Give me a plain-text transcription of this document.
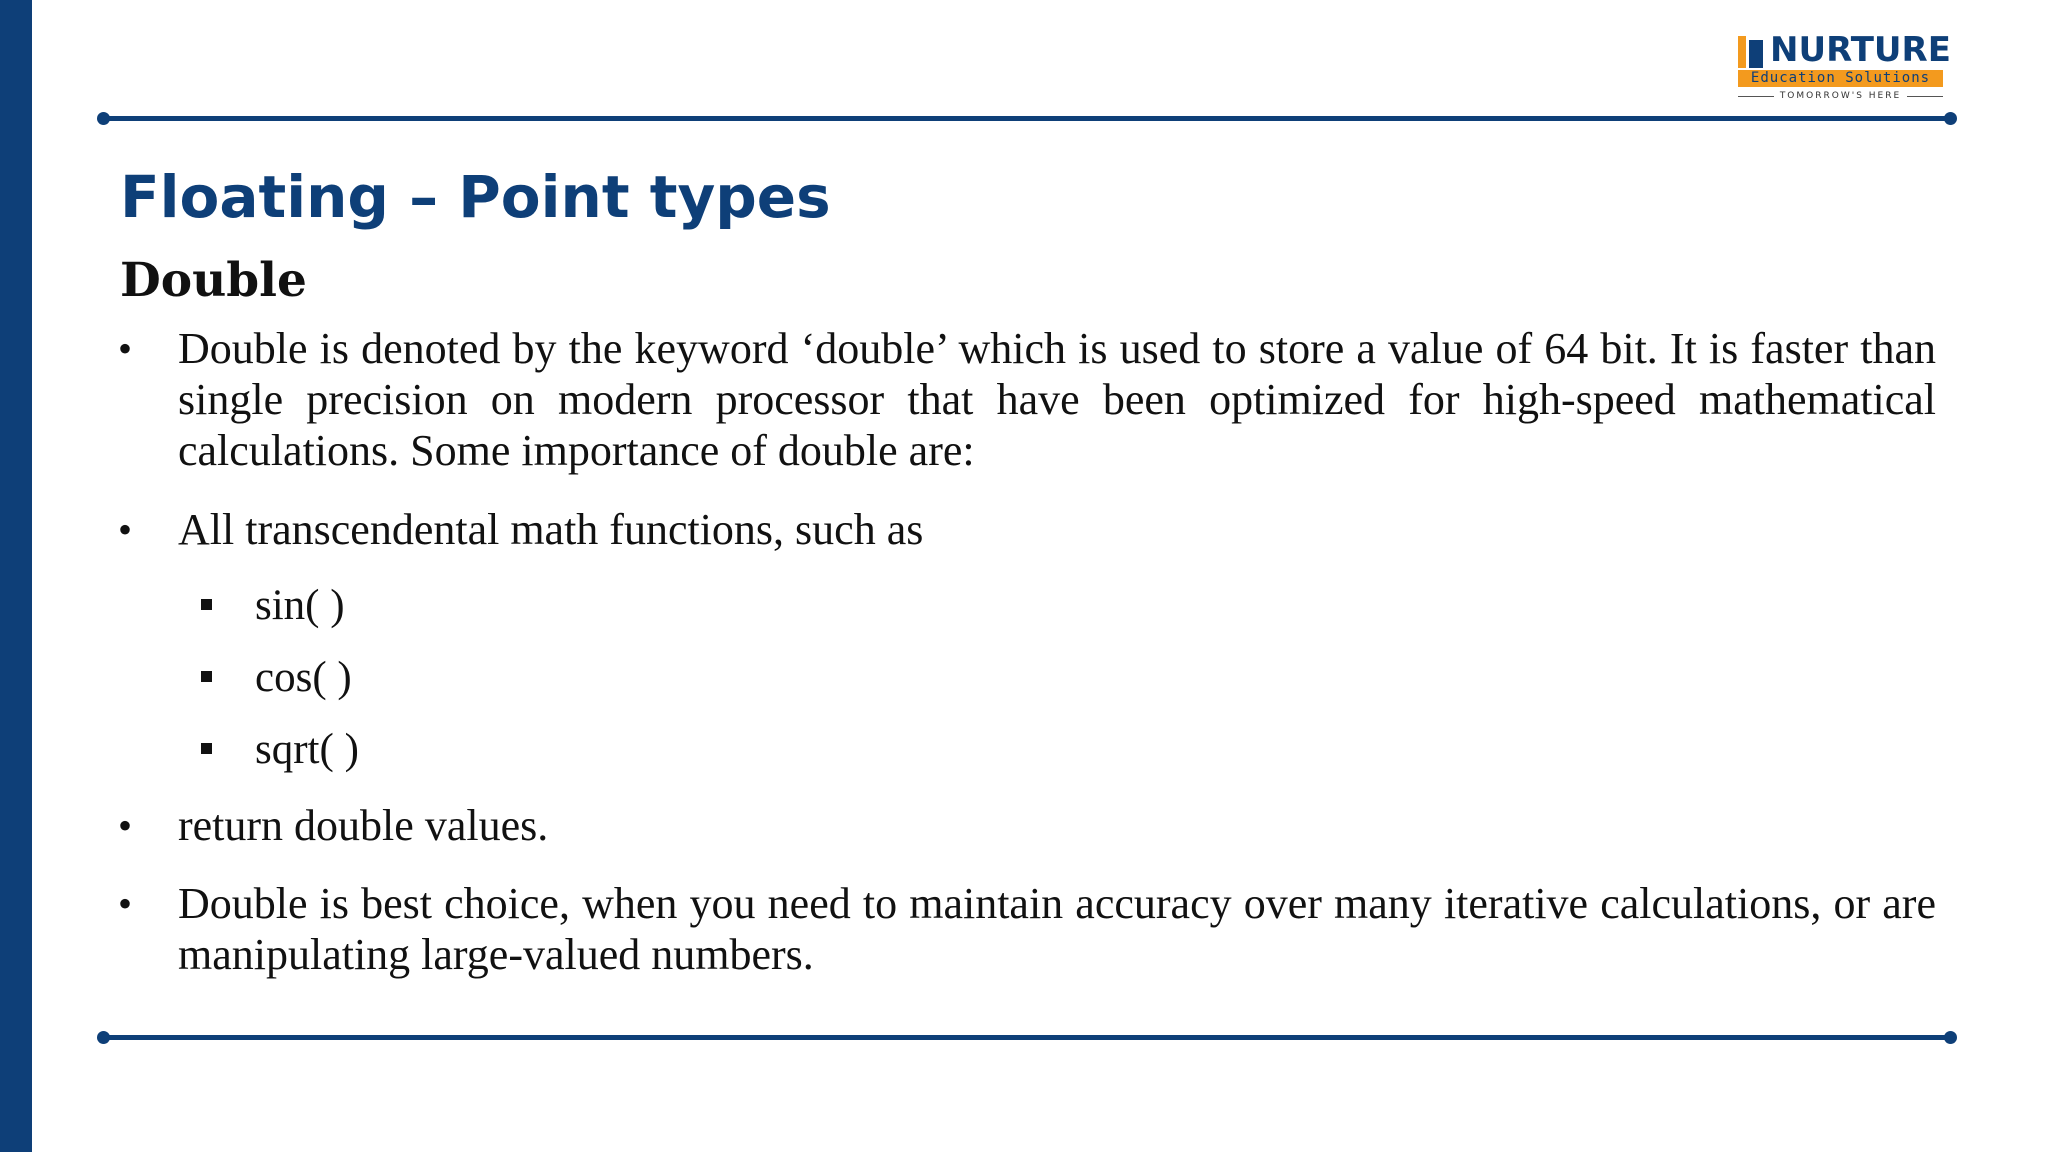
NURTURE
Education Solutions
TOMORROW'S HERE
Floating – Point types
Double
• Double is denoted by the keyword ‘double’ which is used to store a value of 64 bit. It is faster than single precision on modern processor that have been optimized for high-speed mathematical calculations. Some importance of double are:
• All transcendental math functions, such as
sin( )
cos( )
sqrt( )
• return double values.
• Double is best choice, when you need to maintain accuracy over many iterative calculations, or are manipulating large-valued numbers.
